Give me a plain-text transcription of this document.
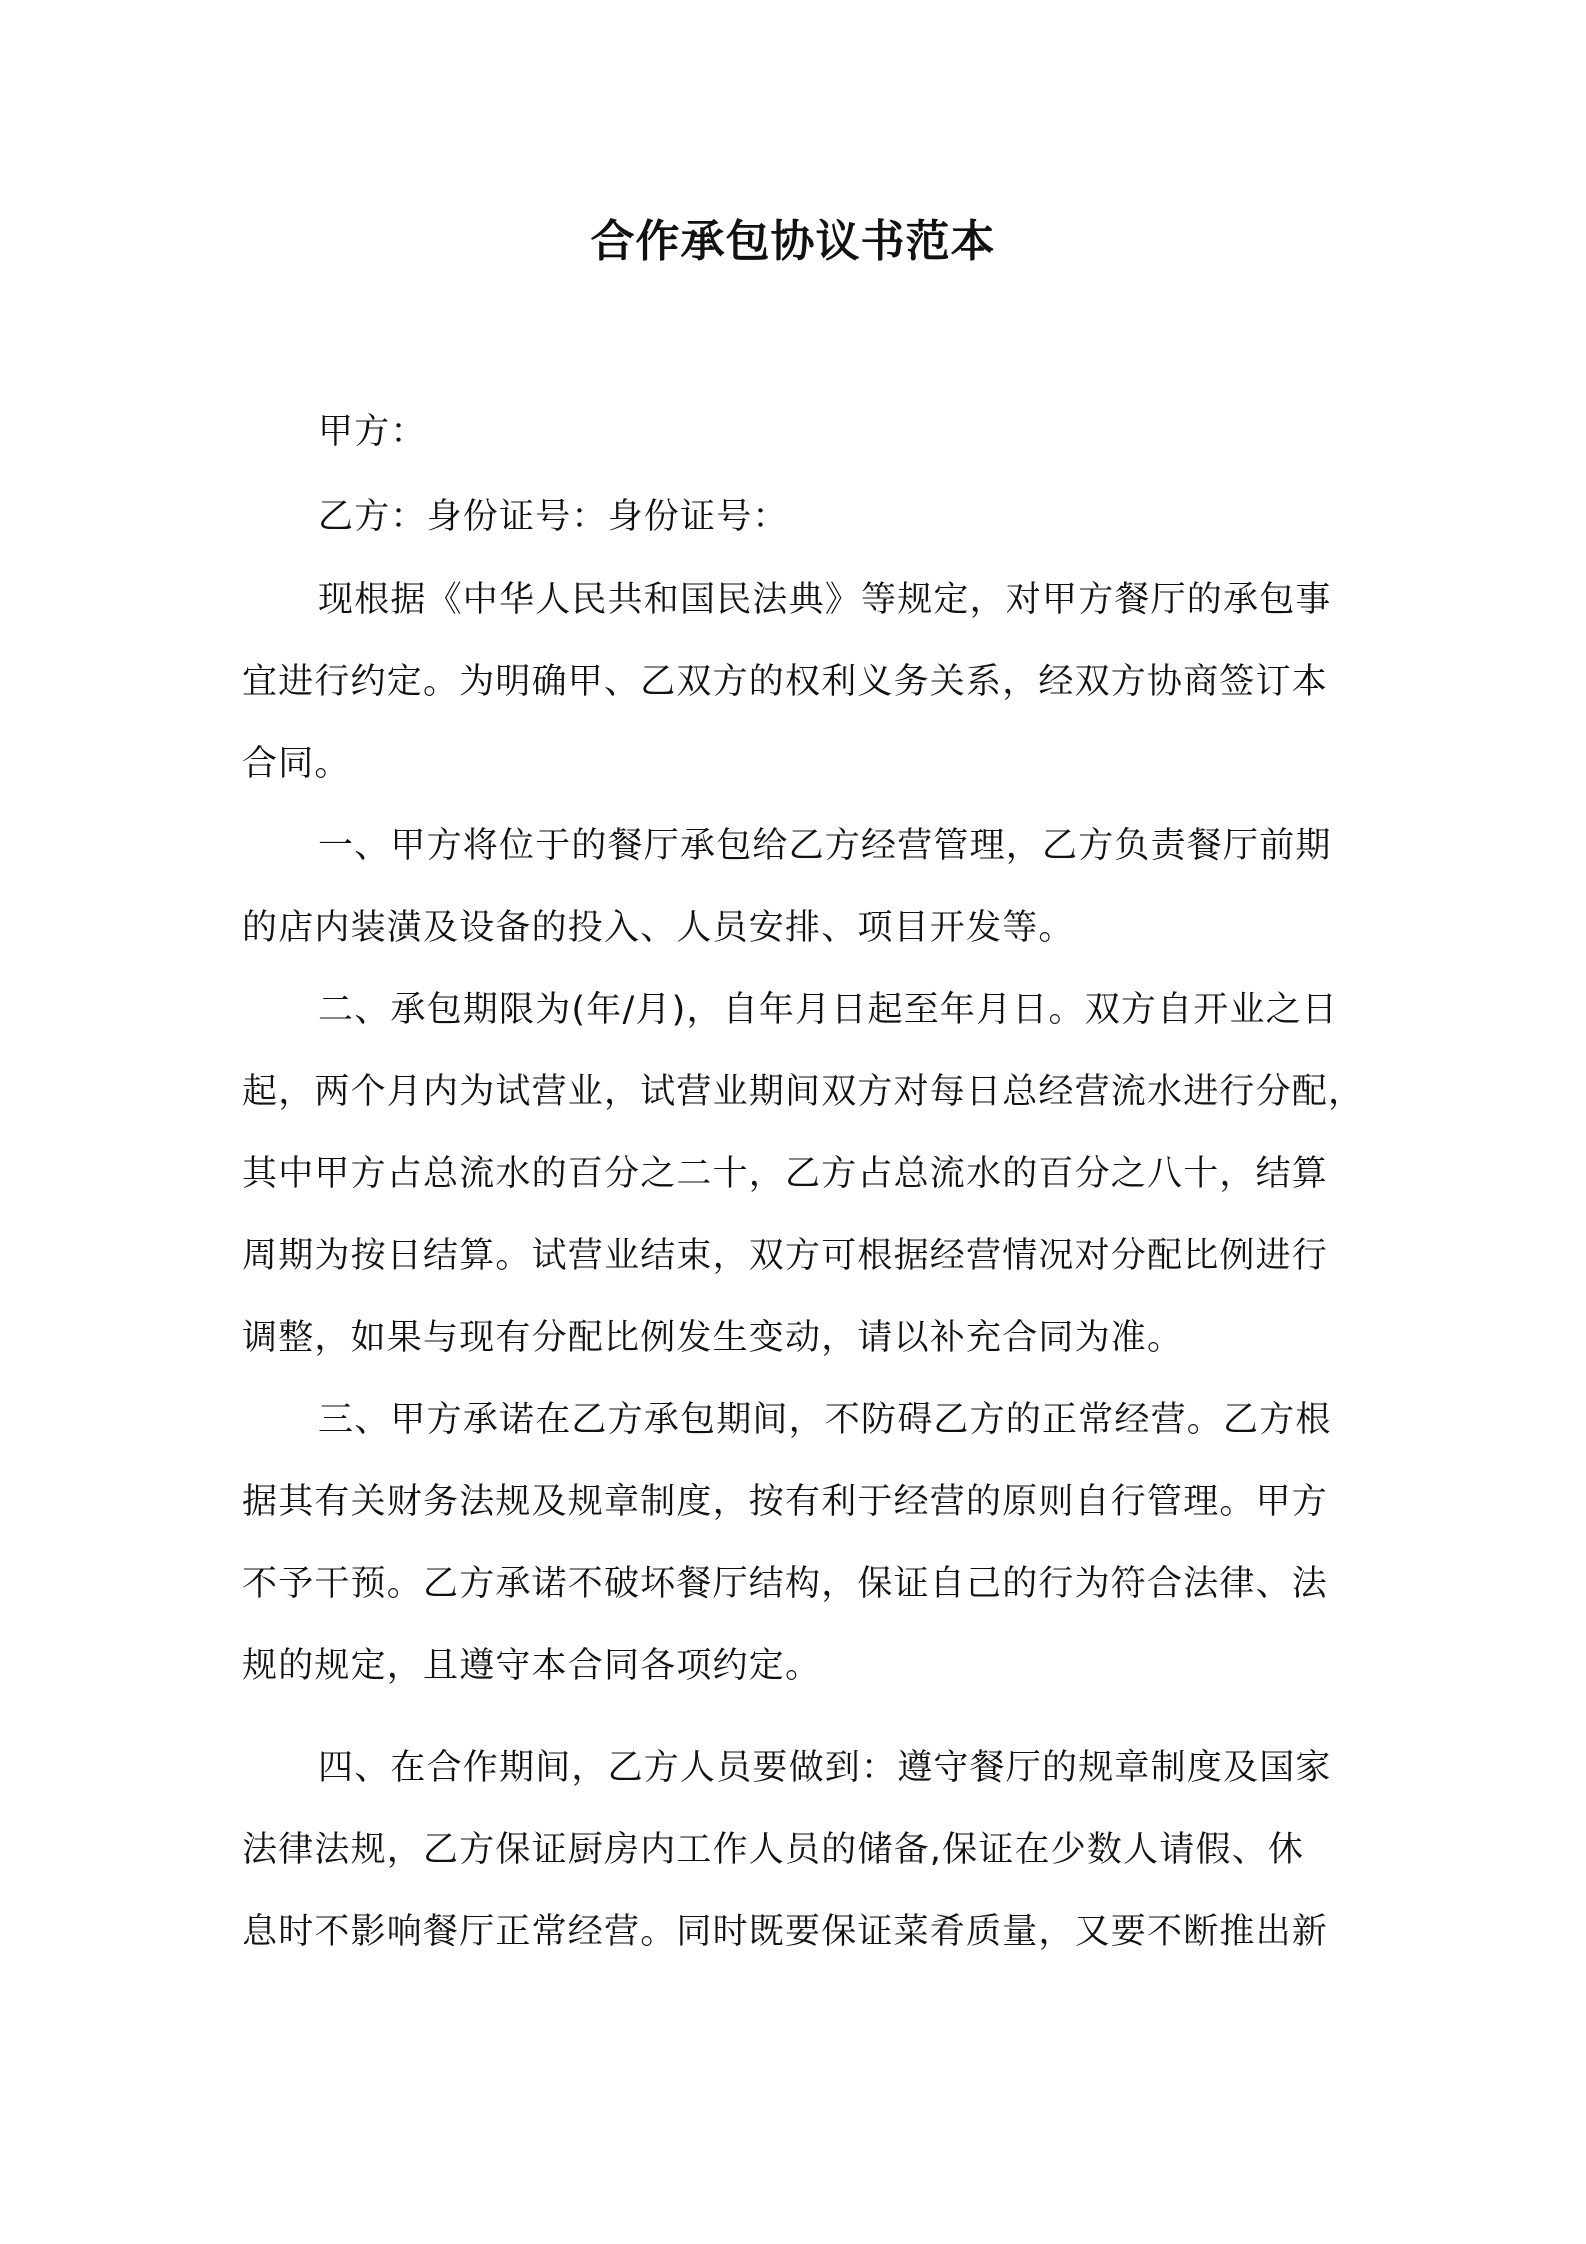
合作承包协议书范本
甲方：
乙方：身份证号：身份证号：
现根据《中华人民共和国民法典》等规定，对甲方餐厅的承包事
宜进行约定。为明确甲、乙双方的权利义务关系，经双方协商签订本
合同。
一、甲方将位于的餐厅承包给乙方经营管理，乙方负责餐厅前期
的店内装潢及设备的投入、人员安排、项目开发等。
二、承包期限为(年/月)，自年月日起至年月日。双方自开业之日
起，两个月内为试营业，试营业期间双方对每日总经营流水进行分配，
其中甲方占总流水的百分之二十，乙方占总流水的百分之八十，结算
周期为按日结算。试营业结束，双方可根据经营情况对分配比例进行
调整，如果与现有分配比例发生变动，请以补充合同为准。
三、甲方承诺在乙方承包期间，不防碍乙方的正常经营。乙方根
据其有关财务法规及规章制度，按有利于经营的原则自行管理。甲方
不予干预。乙方承诺不破坏餐厅结构，保证自己的行为符合法律、法
规的规定，且遵守本合同各项约定。
四、在合作期间，乙方人员要做到：遵守餐厅的规章制度及国家
法律法规，乙方保证厨房内工作人员的储备,保证在少数人请假、休
息时不影响餐厅正常经营。同时既要保证菜肴质量，又要不断推出新
